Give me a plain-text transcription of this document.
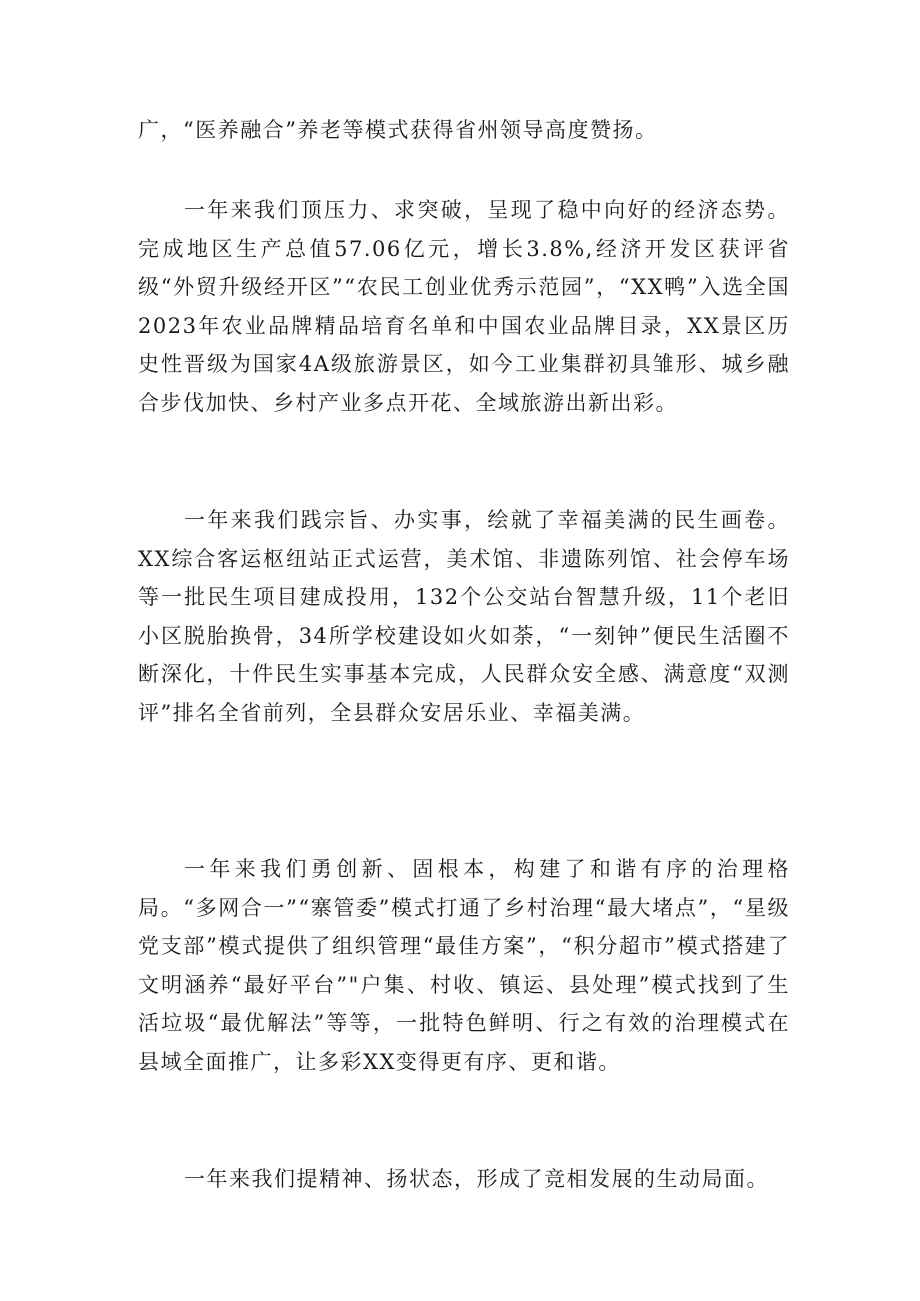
广，“医养融合”养老等模式获得省州领导高度赞扬。

一年来我们顶压力、求突破，呈现了稳中向好的经济态势。完成地区生产总值57.06亿元，增长3.8%,经济开发区获评省级“外贸升级经开区”“农民工创业优秀示范园”，“XX鸭”入选全国2023年农业品牌精品培育名单和中国农业品牌目录，XX景区历史性晋级为国家4A级旅游景区，如今工业集群初具雏形、城乡融合步伐加快、乡村产业多点开花、全域旅游出新出彩。

一年来我们践宗旨、办实事，绘就了幸福美满的民生画卷。XX综合客运枢纽站正式运营，美术馆、非遗陈列馆、社会停车场等一批民生项目建成投用，132个公交站台智慧升级，11个老旧小区脱胎换骨，34所学校建设如火如荼，“一刻钟”便民生活圈不断深化，十件民生实事基本完成，人民群众安全感、满意度“双测评”排名全省前列，全县群众安居乐业、幸福美满。

一年来我们勇创新、固根本，构建了和谐有序的治理格局。“多网合一”“寨管委”模式打通了乡村治理“最大堵点”，“星级党支部”模式提供了组织管理“最佳方案”，“积分超市”模式搭建了文明涵养“最好平台”"户集、村收、镇运、县处理”模式找到了生活垃圾“最优解法”等等，一批特色鲜明、行之有效的治理模式在县域全面推广，让多彩XX变得更有序、更和谐。

一年来我们提精神、扬状态，形成了竞相发展的生动局面。
